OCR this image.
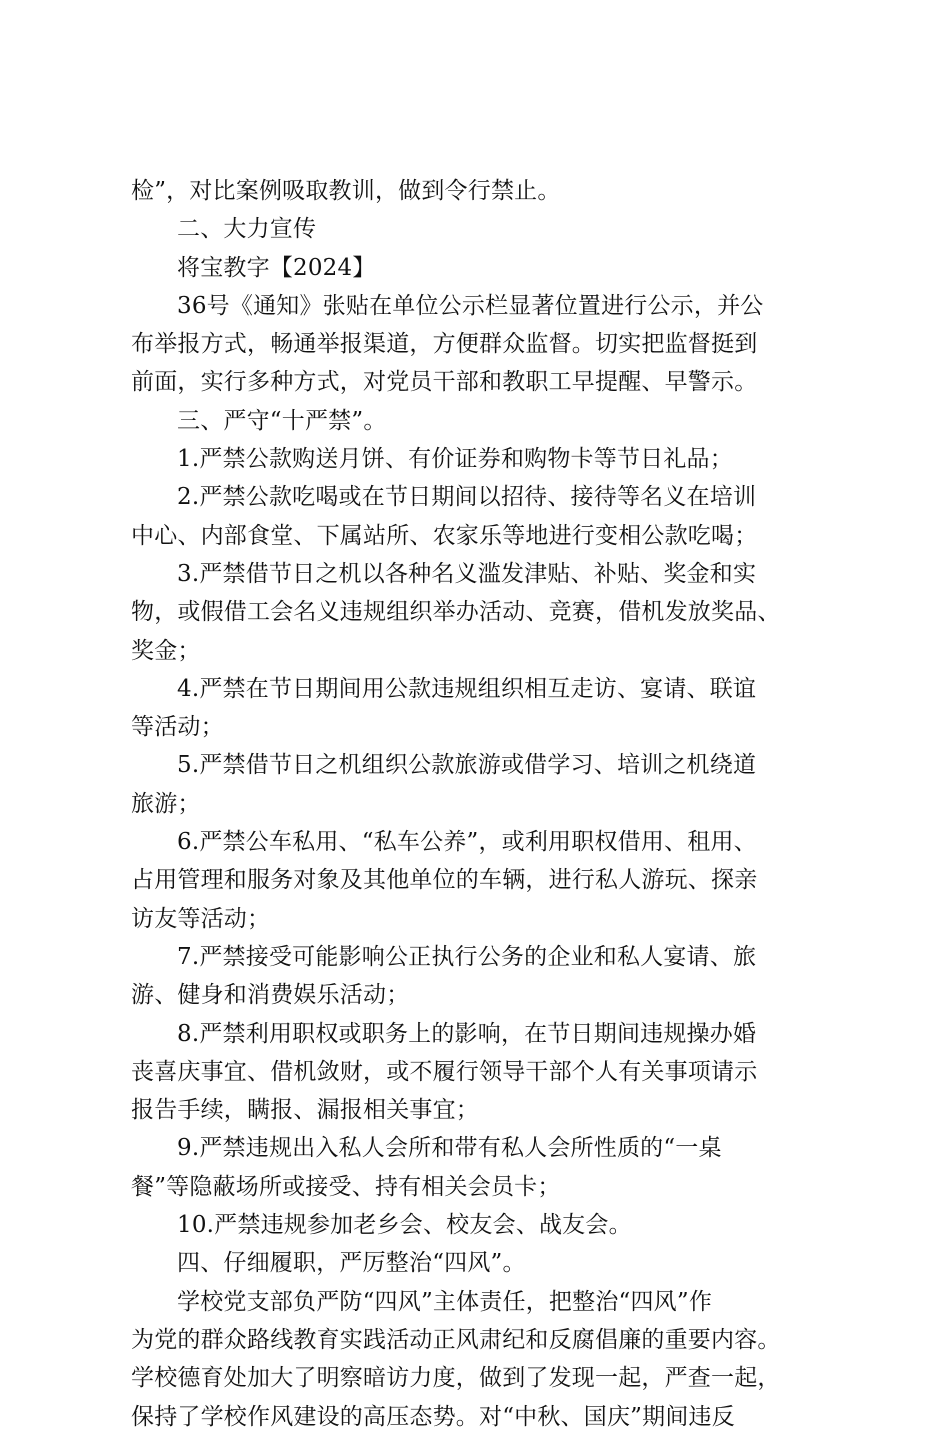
检”，对比案例吸取教训，做到令行禁止。
二、大力宣传
将宝教字【2024】
36号《通知》张贴在单位公示栏显著位置进行公示，并公
布举报方式，畅通举报渠道，方便群众监督。切实把监督挺到
前面，实行多种方式，对党员干部和教职工早提醒、早警示。
三、严守“十严禁”。
1.严禁公款购送月饼、有价证券和购物卡等节日礼品；
2.严禁公款吃喝或在节日期间以招待、接待等名义在培训
中心、内部食堂、下属站所、农家乐等地进行变相公款吃喝；
3.严禁借节日之机以各种名义滥发津贴、补贴、奖金和实
物，或假借工会名义违规组织举办活动、竞赛，借机发放奖品、
奖金；
4.严禁在节日期间用公款违规组织相互走访、宴请、联谊
等活动；
5.严禁借节日之机组织公款旅游或借学习、培训之机绕道
旅游；
6.严禁公车私用、“私车公养”，或利用职权借用、租用、
占用管理和服务对象及其他单位的车辆，进行私人游玩、探亲
访友等活动；
7.严禁接受可能影响公正执行公务的企业和私人宴请、旅
游、健身和消费娱乐活动；
8.严禁利用职权或职务上的影响，在节日期间违规操办婚
丧喜庆事宜、借机敛财，或不履行领导干部个人有关事项请示
报告手续，瞒报、漏报相关事宜；
9.严禁违规出入私人会所和带有私人会所性质的“一桌
餐”等隐蔽场所或接受、持有相关会员卡；
10.严禁违规参加老乡会、校友会、战友会。
四、仔细履职，严厉整治“四风”。
学校党支部负严防“四风”主体责任，把整治“四风”作
为党的群众路线教育实践活动正风肃纪和反腐倡廉的重要内容。
学校德育处加大了明察暗访力度，做到了发现一起，严查一起，
保持了学校作风建设的高压态势。对“中秋、国庆”期间违反
